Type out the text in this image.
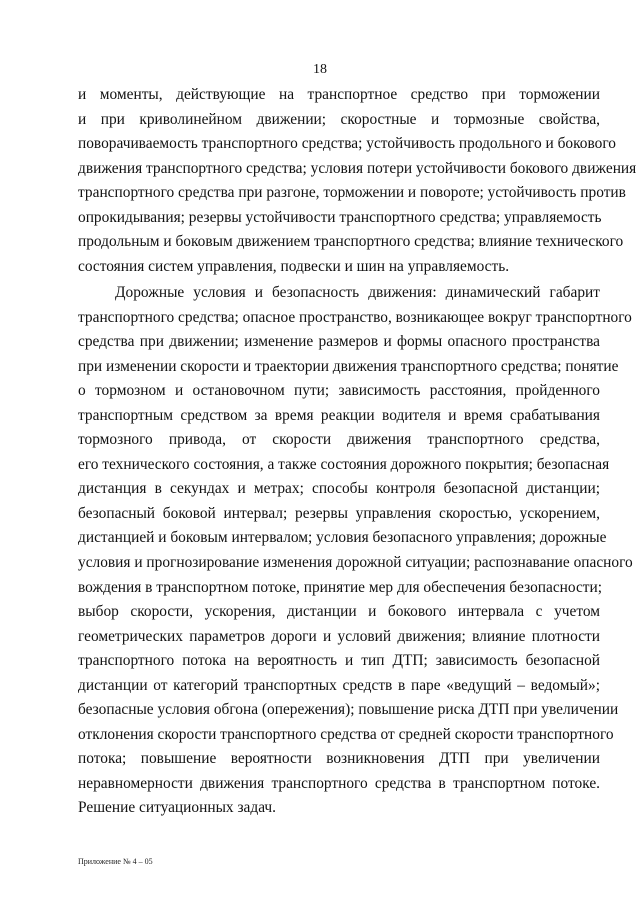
18
и моменты, действующие на транспортное средство при торможении
и при криволинейном движении; скоростные и тормозные свойства,
поворачиваемость транспортного средства; устойчивость продольного и бокового
движения транспортного средства; условия потери устойчивости бокового движения
транспортного средства при разгоне, торможении и повороте; устойчивость против
опрокидывания; резервы устойчивости транспортного средства; управляемость
продольным и боковым движением транспортного средства; влияние технического
состояния систем управления, подвески и шин на управляемость.
Дорожные условия и безопасность движения: динамический габарит
транспортного средства; опасное пространство, возникающее вокруг транспортного
средства при движении; изменение размеров и формы опасного пространства
при изменении скорости и траектории движения транспортного средства; понятие
о тормозном и остановочном пути; зависимость расстояния, пройденного
транспортным средством за время реакции водителя и время срабатывания
тормозного привода, от скорости движения транспортного средства,
его технического состояния, а также состояния дорожного покрытия; безопасная
дистанция в секундах и метрах; способы контроля безопасной дистанции;
безопасный боковой интервал; резервы управления скоростью, ускорением,
дистанцией и боковым интервалом; условия безопасного управления; дорожные
условия и прогнозирование изменения дорожной ситуации; распознавание опасного
вождения в транспортном потоке, принятие мер для обеспечения безопасности;
выбор скорости, ускорения, дистанции и бокового интервала с учетом
геометрических параметров дороги и условий движения; влияние плотности
транспортного потока на вероятность и тип ДТП; зависимость безопасной
дистанции от категорий транспортных средств в паре «ведущий – ведомый»;
безопасные условия обгона (опережения); повышение риска ДТП при увеличении
отклонения скорости транспортного средства от средней скорости транспортного
потока; повышение вероятности возникновения ДТП при увеличении
неравномерности движения транспортного средства в транспортном потоке.
Решение ситуационных задач.
Приложение № 4 – 05
